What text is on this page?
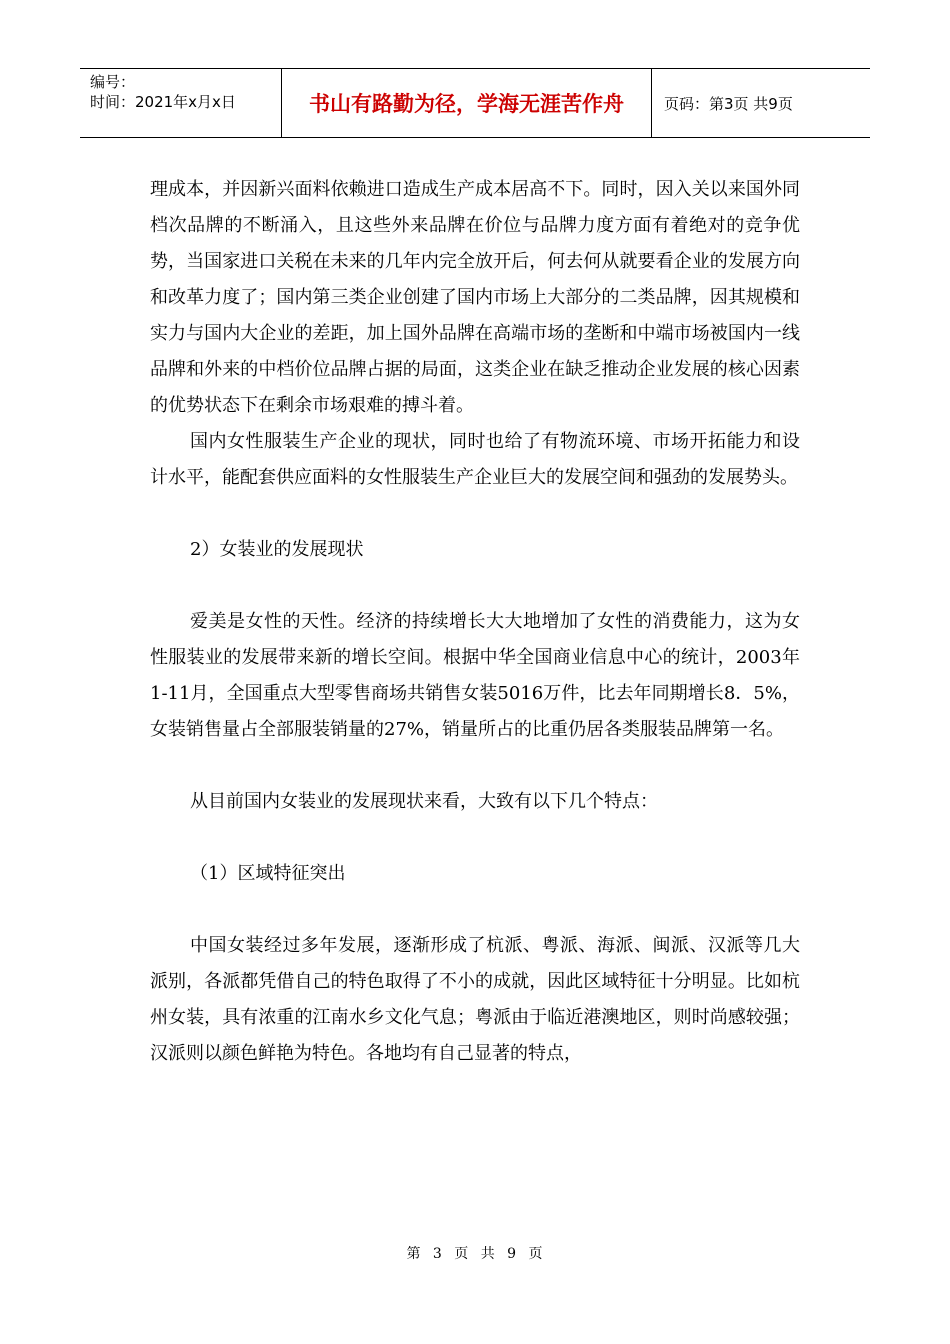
编号：
时间：2021年x月x日	书山有路勤为径，学海无涯苦作舟	页码：第3页 共9页

理成本，并因新兴面料依赖进口造成生产成本居高不下。同时，因入关以来国外同档次品牌的不断涌入，且这些外来品牌在价位与品牌力度方面有着绝对的竞争优势，当国家进口关税在未来的几年内完全放开后，何去何从就要看企业的发展方向和改革力度了；国内第三类企业创建了国内市场上大部分的二类品牌，因其规模和实力与国内大企业的差距，加上国外品牌在高端市场的垄断和中端市场被国内一线品牌和外来的中档价位品牌占据的局面，这类企业在缺乏推动企业发展的核心因素的优势状态下在剩余市场艰难的搏斗着。

国内女性服装生产企业的现状，同时也给了有物流环境、市场开拓能力和设计水平，能配套供应面料的女性服装生产企业巨大的发展空间和强劲的发展势头。

2）女装业的发展现状

爱美是女性的天性。经济的持续增长大大地增加了女性的消费能力，这为女性服装业的发展带来新的增长空间。根据中华全国商业信息中心的统计，2003年1-11月，全国重点大型零售商场共销售女装5016万件，比去年同期增长8．5%，女装销售量占全部服装销量的27%，销量所占的比重仍居各类服装品牌第一名。

从目前国内女装业的发展现状来看，大致有以下几个特点：

（1）区域特征突出

中国女装经过多年发展，逐渐形成了杭派、粤派、海派、闽派、汉派等几大派别，各派都凭借自己的特色取得了不小的成就，因此区域特征十分明显。比如杭州女装，具有浓重的江南水乡文化气息；粤派由于临近港澳地区，则时尚感较强；汉派则以颜色鲜艳为特色。各地均有自己显著的特点，

第 3 页 共 9 页
